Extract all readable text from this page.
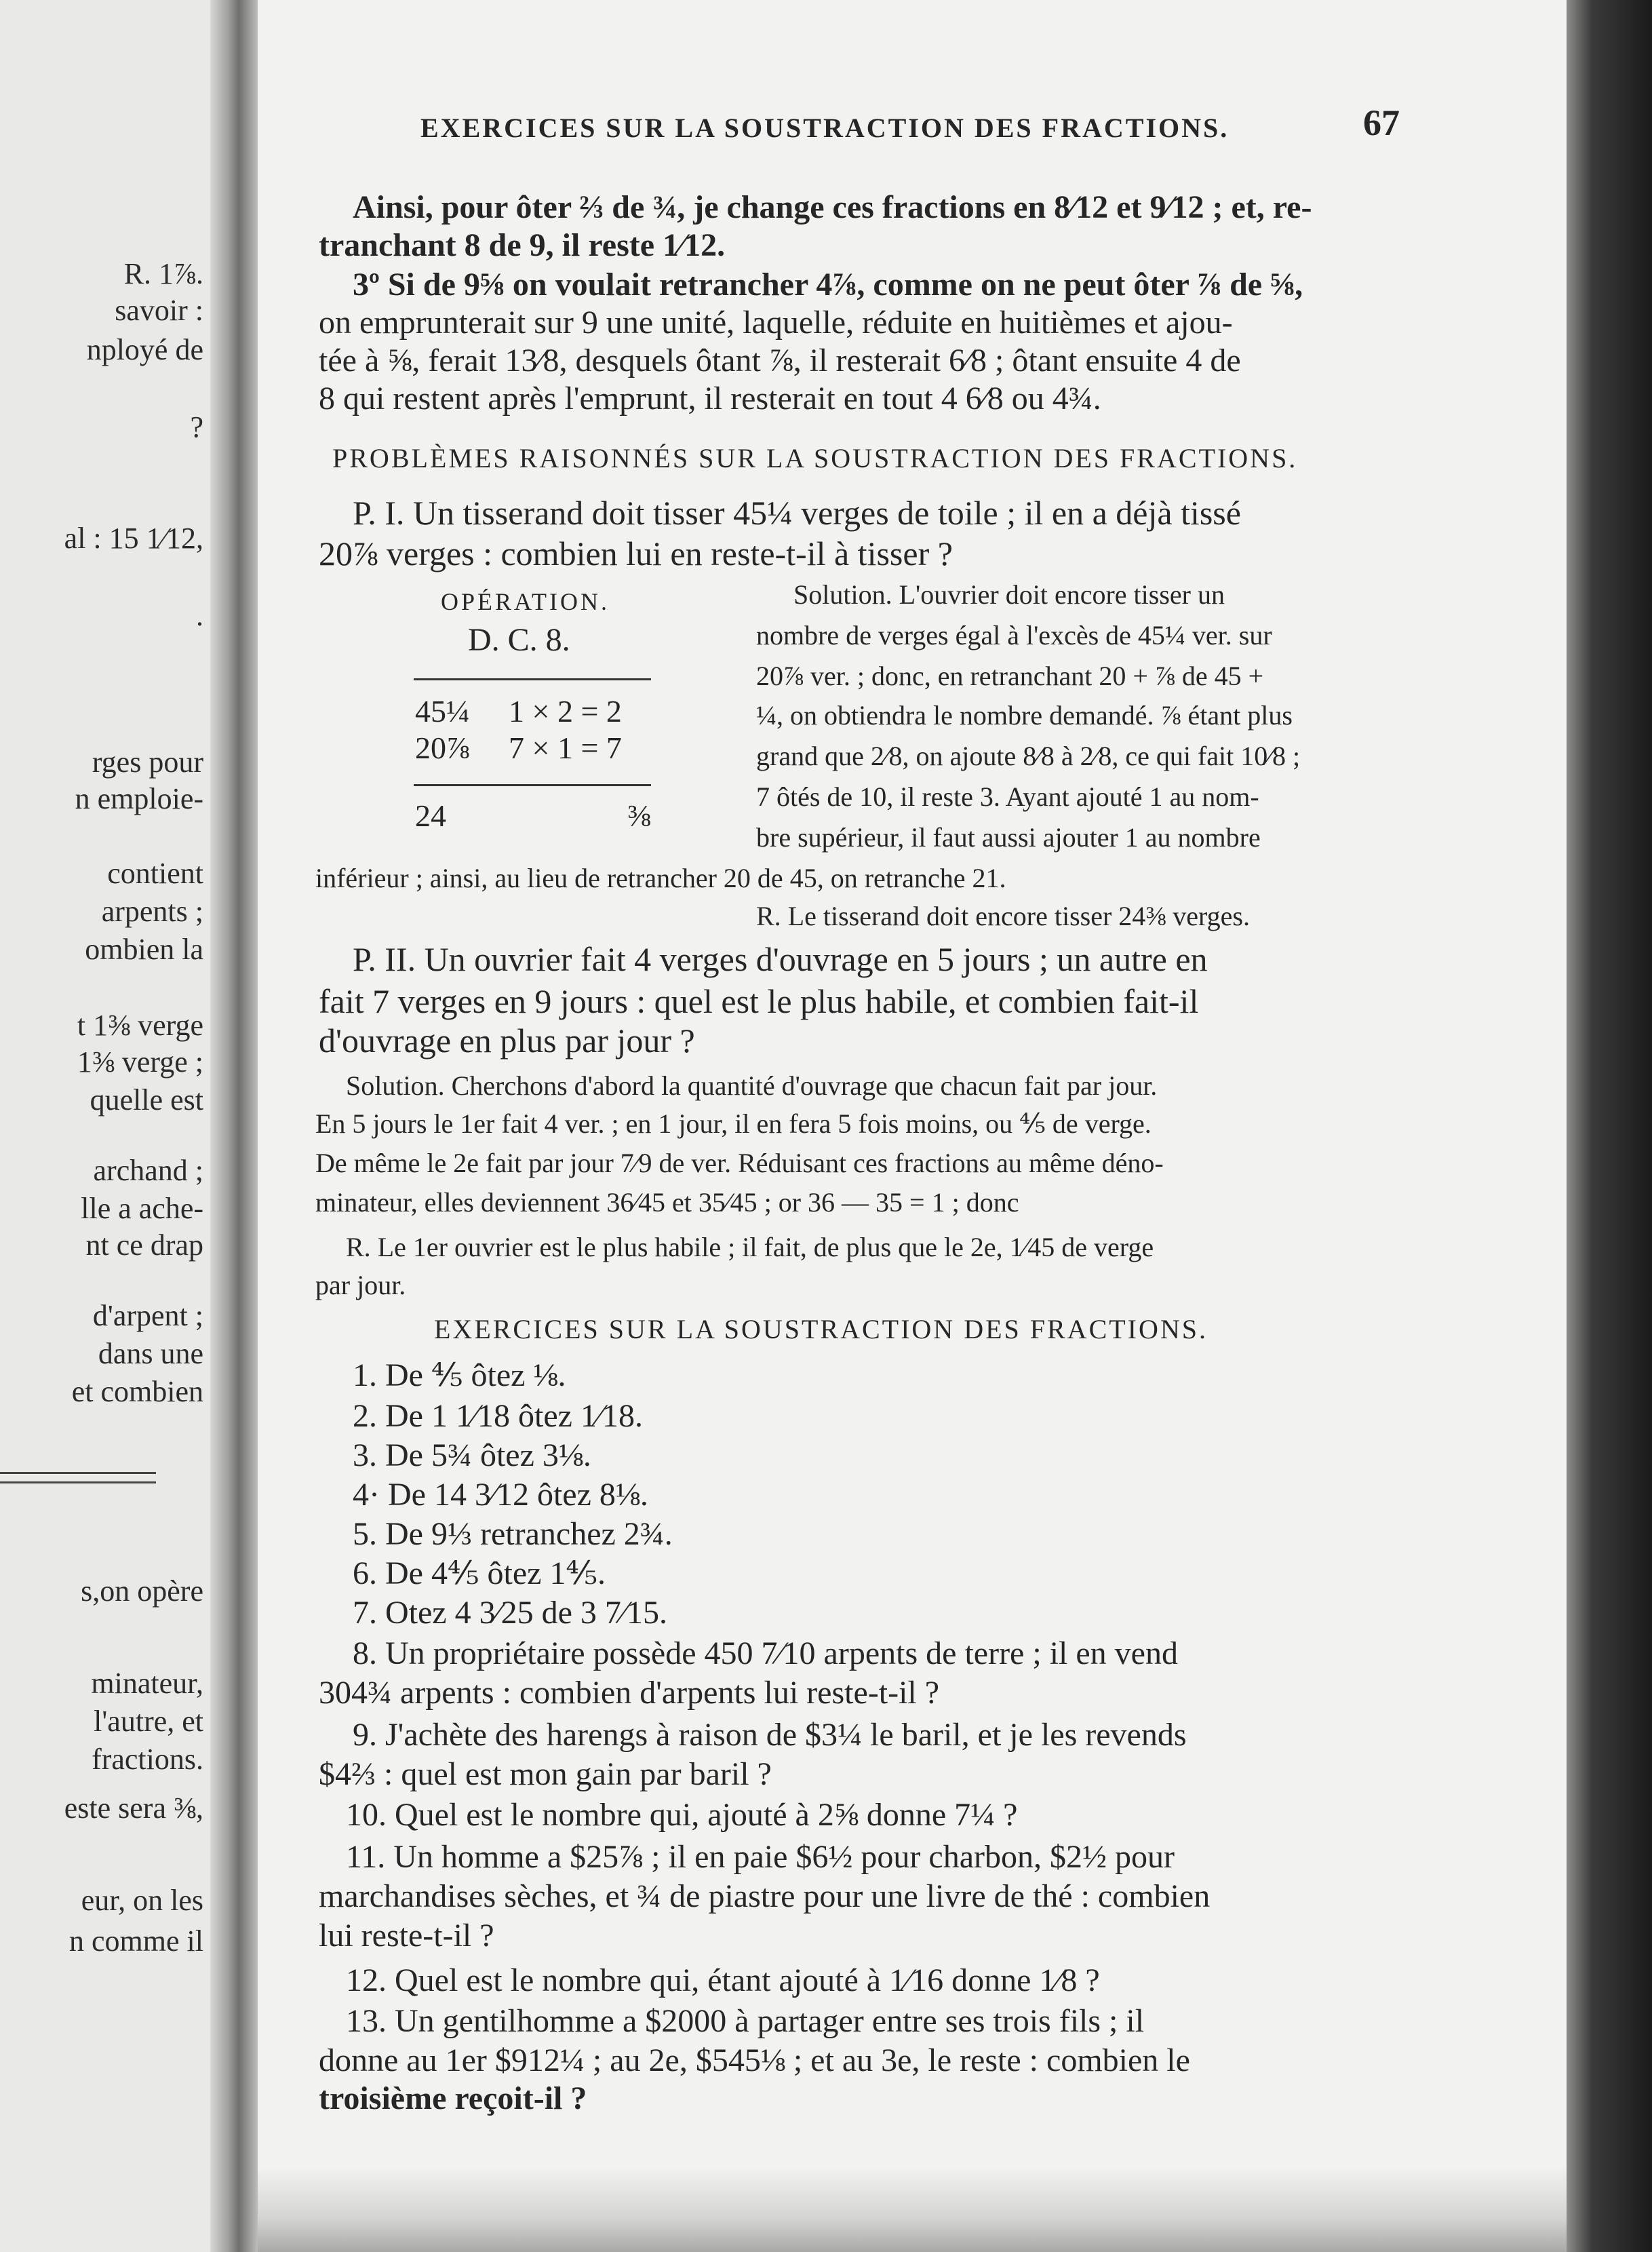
R. 1⅞.
savoir :
nployé de
?
al : 15 1⁄12,
.
rges pour
n emploie-
contient
arpents ;
ombien la
t 1⅜ verge
1⅜ verge ;
quelle est
archand ;
lle a ache-
nt ce drap
d'arpent ;
dans une
et combien
s,on opère
minateur,
l'autre, et
fractions.
este sera ⅜,
eur, on les
n comme il
EXERCICES SUR LA SOUSTRACTION DES FRACTIONS.	67
Ainsi, pour ôter ⅔ de ¾, je change ces fractions en 8⁄12 et 9⁄12 ; et, re-
tranchant 8 de 9, il reste 1⁄12.
3º Si de 9⅝ on voulait retrancher 4⅞, comme on ne peut ôter ⅞ de ⅝,
on emprunterait sur 9 une unité, laquelle, réduite en huitièmes et ajou-
tée à ⅝, ferait 13⁄8, desquels ôtant ⅞, il resterait 6⁄8 ; ôtant ensuite 4 de
8 qui restent après l'emprunt, il resterait en tout 4 6⁄8 ou 4¾.
PROBLÈMES RAISONNÉS SUR LA SOUSTRACTION DES FRACTIONS.
P. I. Un tisserand doit tisser 45¼ verges de toile ; il en a déjà tissé
20⅞ verges : combien lui en reste-t-il à tisser ?
OPÉRATION.
D. C. 8.
45¼ 1 × 2 = 2
20⅞ 7 × 1 = 7
24	⅜
Solution. L'ouvrier doit encore tisser un
nombre de verges égal à l'excès de 45¼ ver. sur
20⅞ ver. ; donc, en retranchant 20 + ⅞ de 45 +
¼, on obtiendra le nombre demandé. ⅞ étant plus
grand que 2⁄8, on ajoute 8⁄8 à 2⁄8, ce qui fait 10⁄8 ;
7 ôtés de 10, il reste 3. Ayant ajouté 1 au nom-
bre supérieur, il faut aussi ajouter 1 au nombre
inférieur ; ainsi, au lieu de retrancher 20 de 45, on retranche 21.
R. Le tisserand doit encore tisser 24⅜ verges.
P. II. Un ouvrier fait 4 verges d'ouvrage en 5 jours ; un autre en
fait 7 verges en 9 jours : quel est le plus habile, et combien fait-il
d'ouvrage en plus par jour ?
Solution. Cherchons d'abord la quantité d'ouvrage que chacun fait par jour.
En 5 jours le 1er fait 4 ver. ; en 1 jour, il en fera 5 fois moins, ou ⅘ de verge.
De même le 2e fait par jour 7⁄9 de ver. Réduisant ces fractions au même déno-
minateur, elles deviennent 36⁄45 et 35⁄45 ; or 36 — 35 = 1 ; donc
R. Le 1er ouvrier est le plus habile ; il fait, de plus que le 2e, 1⁄45 de verge
par jour.
EXERCICES SUR LA SOUSTRACTION DES FRACTIONS.
1. De ⅘ ôtez ⅛.
2. De 1 1⁄18 ôtez 1⁄18.
3. De 5¾ ôtez 3⅛.
4· De 14 3⁄12 ôtez 8⅛.
5. De 9⅓ retranchez 2¾.
6. De 4⅘ ôtez 1⅘.
7. Otez 4 3⁄25 de 3 7⁄15.
8. Un propriétaire possède 450 7⁄10 arpents de terre ; il en vend
304¾ arpents : combien d'arpents lui reste-t-il ?
9. J'achète des harengs à raison de $3¼ le baril, et je les revends
$4⅔ : quel est mon gain par baril ?
10. Quel est le nombre qui, ajouté à 2⅝ donne 7¼ ?
11. Un homme a $25⅞ ; il en paie $6½ pour charbon, $2½ pour
marchandises sèches, et ¾ de piastre pour une livre de thé : combien
lui reste-t-il ?
12. Quel est le nombre qui, étant ajouté à 1⁄16 donne 1⁄8 ?
13. Un gentilhomme a $2000 à partager entre ses trois fils ; il
donne au 1er $912¼ ; au 2e, $545⅛ ; et au 3e, le reste : combien le
troisième reçoit-il ?
